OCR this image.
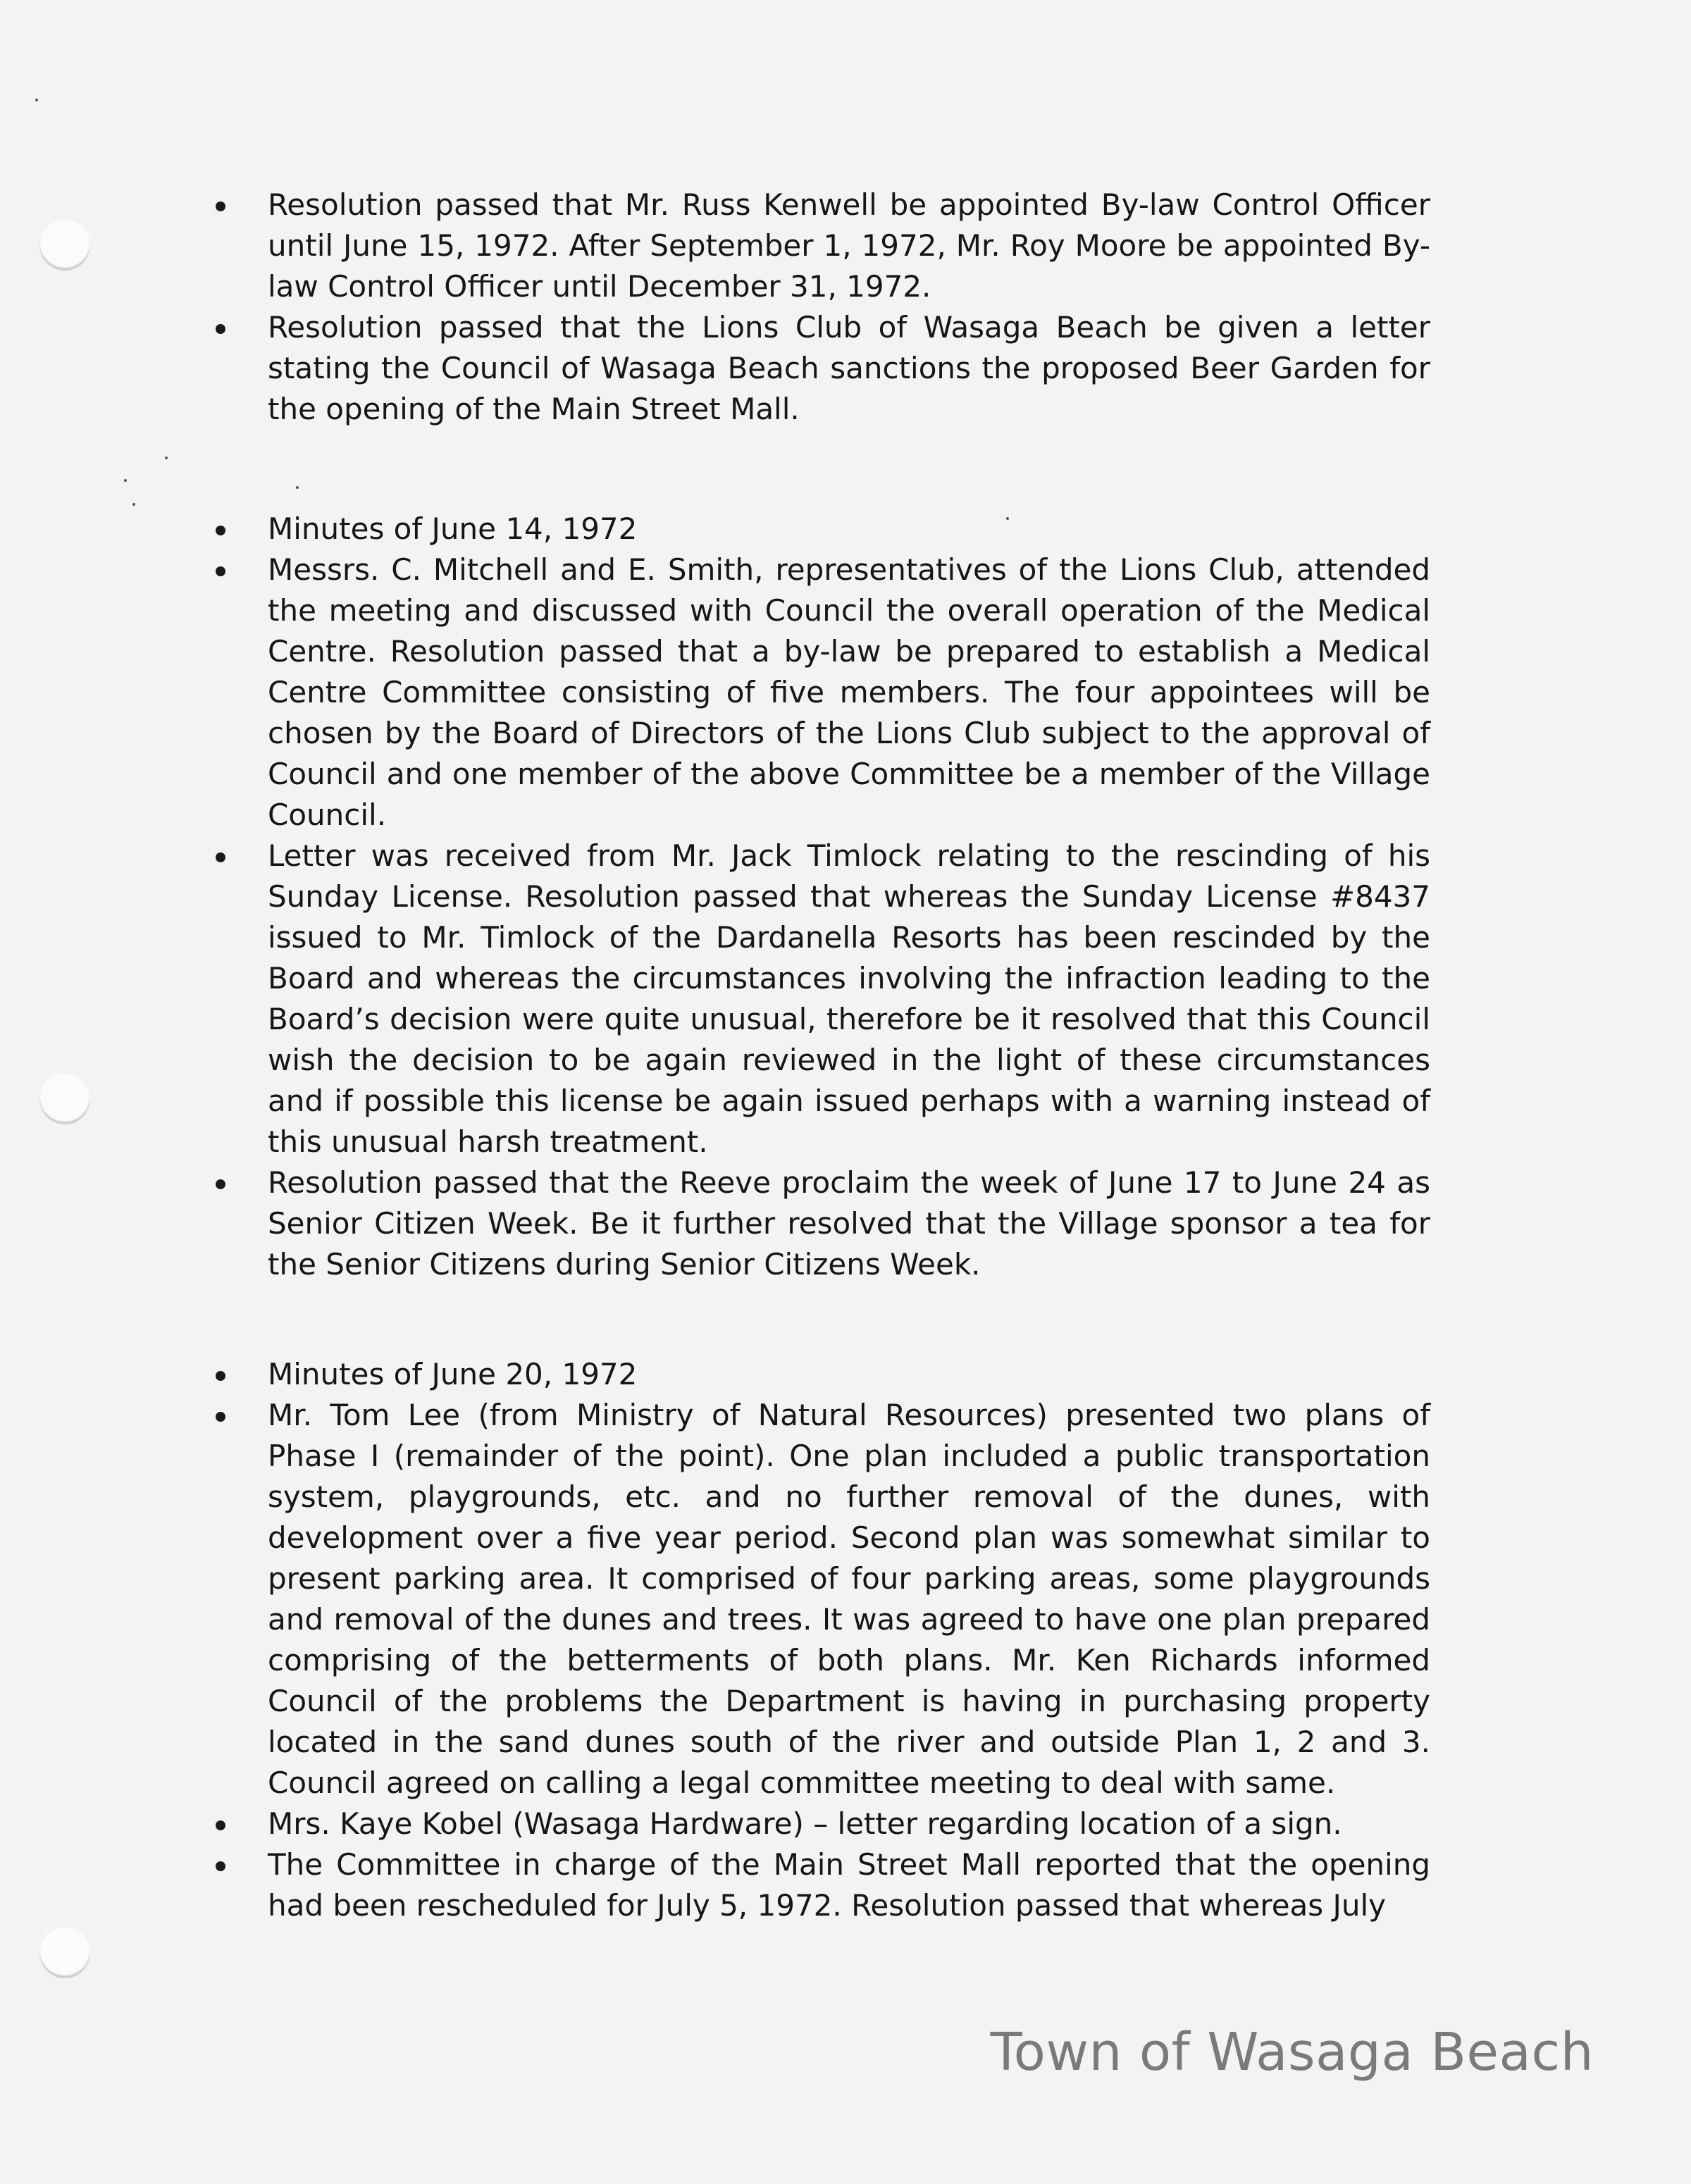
Resolution passed that Mr. Russ Kenwell be appointed By-law Control Officer until June 15, 1972. After September 1, 1972, Mr. Roy Moore be appointed By-law Control Officer until December 31, 1972.
Resolution passed that the Lions Club of Wasaga Beach be given a letter stating the Council of Wasaga Beach sanctions the proposed Beer Garden for the opening of the Main Street Mall.
Minutes of June 14, 1972
Messrs. C. Mitchell and E. Smith, representatives of the Lions Club, attended the meeting and discussed with Council the overall operation of the Medical Centre. Resolution passed that a by-law be prepared to establish a Medical Centre Committee consisting of five members. The four appointees will be chosen by the Board of Directors of the Lions Club subject to the approval of Council and one member of the above Committee be a member of the Village Council.
Letter was received from Mr. Jack Timlock relating to the rescinding of his Sunday License. Resolution passed that whereas the Sunday License #8437 issued to Mr. Timlock of the Dardanella Resorts has been rescinded by the Board and whereas the circumstances involving the infraction leading to the Board’s decision were quite unusual, therefore be it resolved that this Council wish the decision to be again reviewed in the light of these circumstances and if possible this license be again issued perhaps with a warning instead of this unusual harsh treatment.
Resolution passed that the Reeve proclaim the week of June 17 to June 24 as Senior Citizen Week. Be it further resolved that the Village sponsor a tea for the Senior Citizens during Senior Citizens Week.
Minutes of June 20, 1972
Mr. Tom Lee (from Ministry of Natural Resources) presented two plans of Phase I (remainder of the point). One plan included a public transportation system, playgrounds, etc. and no further removal of the dunes, with development over a five year period. Second plan was somewhat similar to present parking area. It comprised of four parking areas, some playgrounds and removal of the dunes and trees. It was agreed to have one plan prepared comprising of the betterments of both plans. Mr. Ken Richards informed Council of the problems the Department is having in purchasing property located in the sand dunes south of the river and outside Plan 1, 2 and 3. Council agreed on calling a legal committee meeting to deal with same.
Mrs. Kaye Kobel (Wasaga Hardware) – letter regarding location of a sign.
The Committee in charge of the Main Street Mall reported that the opening had been rescheduled for July 5, 1972. Resolution passed that whereas July
Town of Wasaga Beach
